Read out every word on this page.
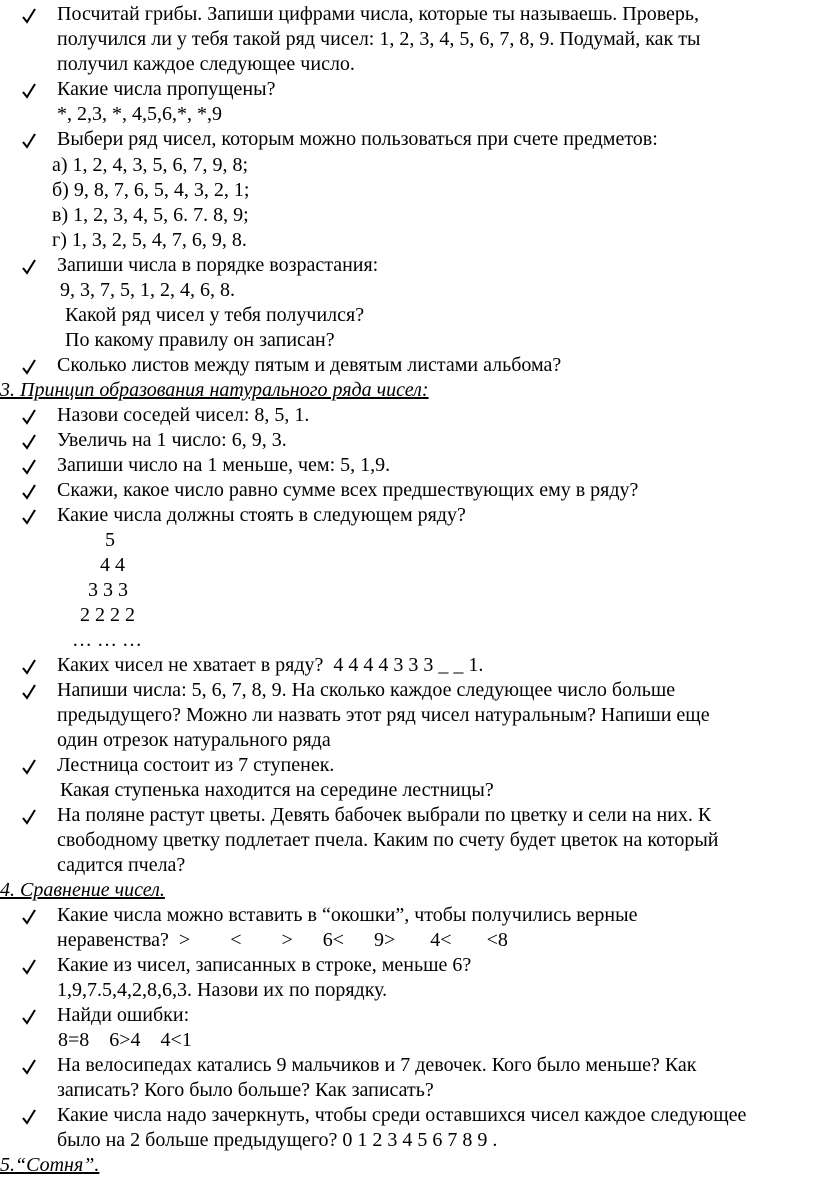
Посчитай грибы. Запиши цифрами числа, которые ты называешь. Проверь,
получился ли у тебя такой ряд чисел: 1, 2, 3, 4, 5, 6, 7, 8, 9. Подумай, как ты
получил каждое следующее число.
Какие числа пропущены?
*, 2,3, *, 4,5,6,*, *,9
Выбери ряд чисел, которым можно пользоваться при счете предметов:
а) 1, 2, 4, 3, 5, 6, 7, 9, 8;
б) 9, 8, 7, 6, 5, 4, 3, 2, 1;
в) 1, 2, 3, 4, 5, 6. 7. 8, 9;
г) 1, 3, 2, 5, 4, 7, 6, 9, 8.
Запиши числа в порядке возрастания:
9, 3, 7, 5, 1, 2, 4, 6, 8.
Какой ряд чисел у тебя получился?
По какому правилу он записан?
Сколько листов между пятым и девятым листами альбома?
3. Принцип образования натурального ряда чисел:
Назови соседей чисел: 8, 5, 1.
Увеличь на 1 число: 6, 9, 3.
Запиши число на 1 меньше, чем: 5, 1,9.
Скажи, какое число равно сумме всех предшествующих ему в ряду?
Какие числа должны стоять в следующем ряду?
5
4 4
3 3 3
2 2 2 2
… … …
Каких чисел не хватает в ряду?  4 4 4 4 3 3 3 _ _ 1.
Напиши числа: 5, 6, 7, 8, 9. На сколько каждое следующее число больше
предыдущего? Можно ли назвать этот ряд чисел натуральным? Напиши еще
один отрезок натурального ряда
Лестница состоит из 7 ступенек.
Какая ступенька находится на середине лестницы?
На поляне растут цветы. Девять бабочек выбрали по цветку и сели на них. К
свободному цветку подлетает пчела. Каким по счету будет цветок на который
садится пчела?
4. Сравнение чисел.
Какие числа можно вставить в “окошки”, чтобы получились верные
неравенства?  >        <        >      6<      9>       4<       <8
Какие из чисел, записанных в строке, меньше 6?
1,9,7.5,4,2,8,6,3. Назови их по порядку.
Найди ошибки:
8=8    6>4    4<1
На велосипедах катались 9 мальчиков и 7 девочек. Кого было меньше? Как
записать? Кого было больше? Как записать?
Какие числа надо зачеркнуть, чтобы среди оставшихся чисел каждое следующее
было на 2 больше предыдущего? 0 1 2 3 4 5 6 7 8 9 .
5.“Сотня”.
